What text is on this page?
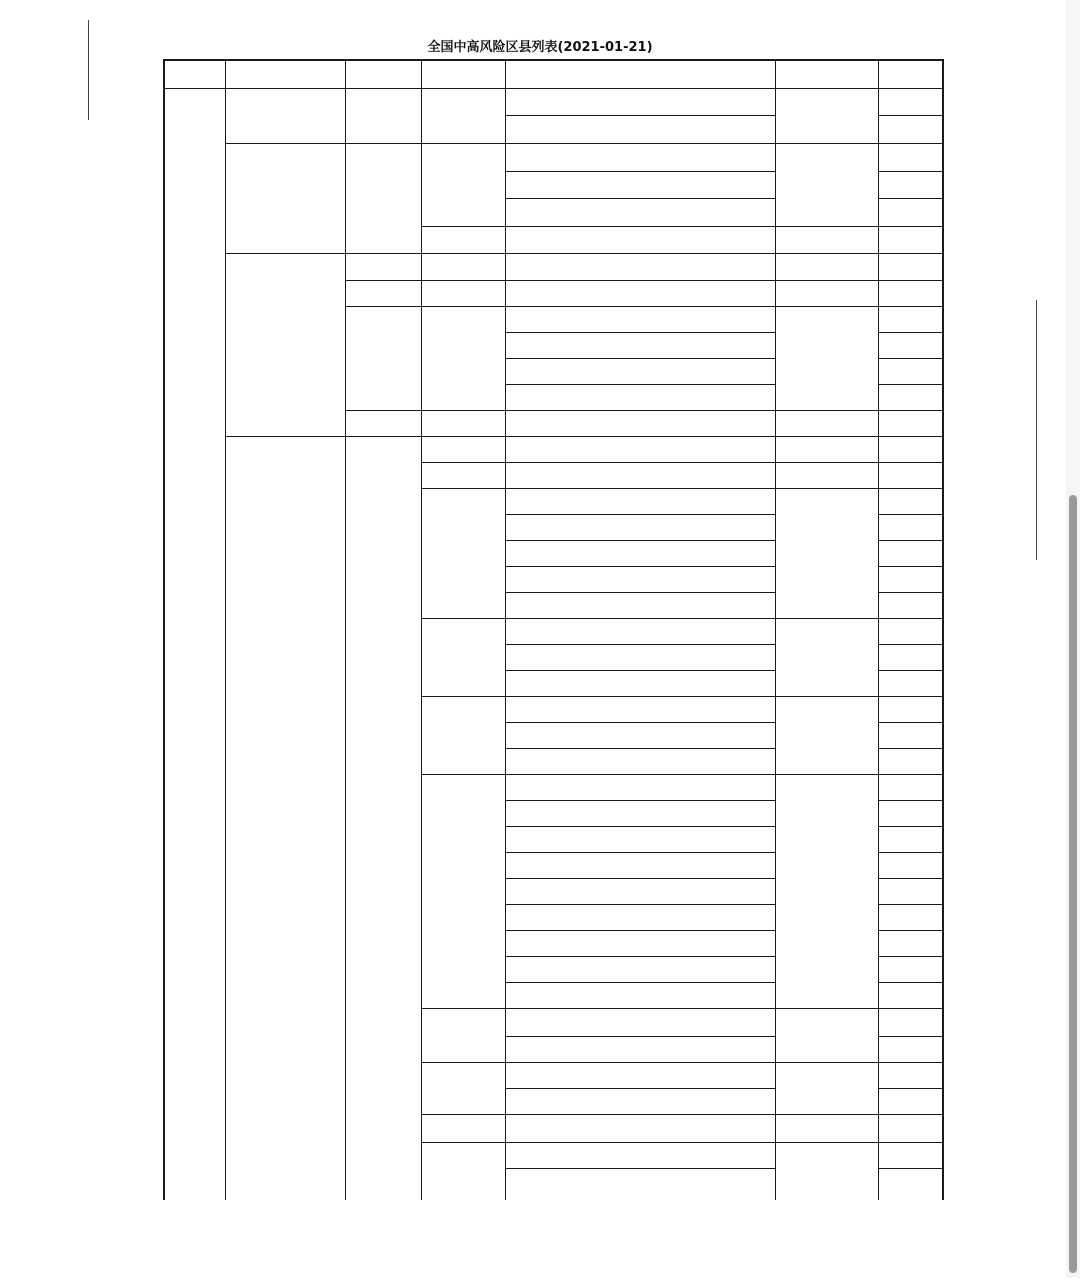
全国中高风险区县列表(2021-01-21)
